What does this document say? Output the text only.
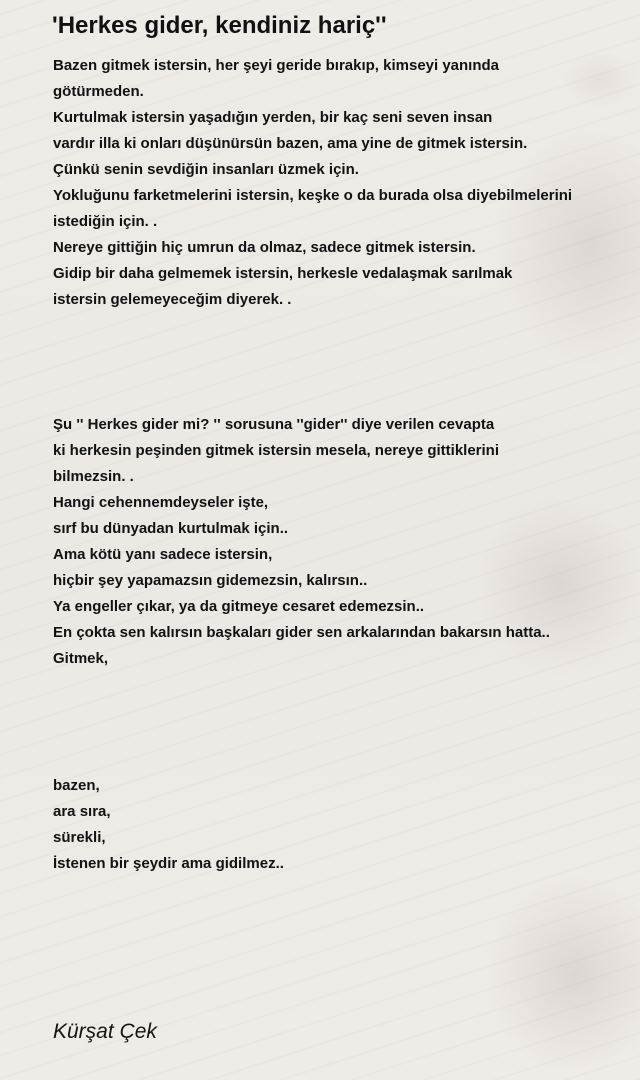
'Herkes gider, kendiniz hariç''
Bazen gitmek istersin, her şeyi geride bırakıp, kimseyi yanında
götürmeden.
Kurtulmak istersin yaşadığın yerden, bir kaç seni seven insan
vardır illa ki onları düşünürsün bazen, ama yine de gitmek istersin.
Çünkü senin sevdiğin insanları üzmek için.
Yokluğunu farketmelerini istersin, keşke o da burada olsa diyebilmelerini
istediğin için. .
Nereye gittiğin hiç umrun da olmaz, sadece gitmek istersin.
Gidip bir daha gelmemek istersin, herkesle vedalaşmak sarılmak
istersin gelemeyeceğim diyerek. .
Şu '' Herkes gider mi? '' sorusuna ''gider'' diye verilen cevapta
ki herkesin peşinden gitmek istersin mesela, nereye gittiklerini
bilmezsin. .
Hangi cehennemdeyseler işte,
sırf bu dünyadan kurtulmak için..
Ama kötü yanı sadece istersin,
hiçbir şey yapamazsın gidemezsin, kalırsın..
Ya engeller çıkar, ya da gitmeye cesaret edemezsin..
En çokta sen kalırsın başkaları gider sen arkalarından bakarsın hatta..
Gitmek,
bazen,
ara sıra,
sürekli,
İstenen bir şeydir ama gidilmez..
Kürşat Çek
